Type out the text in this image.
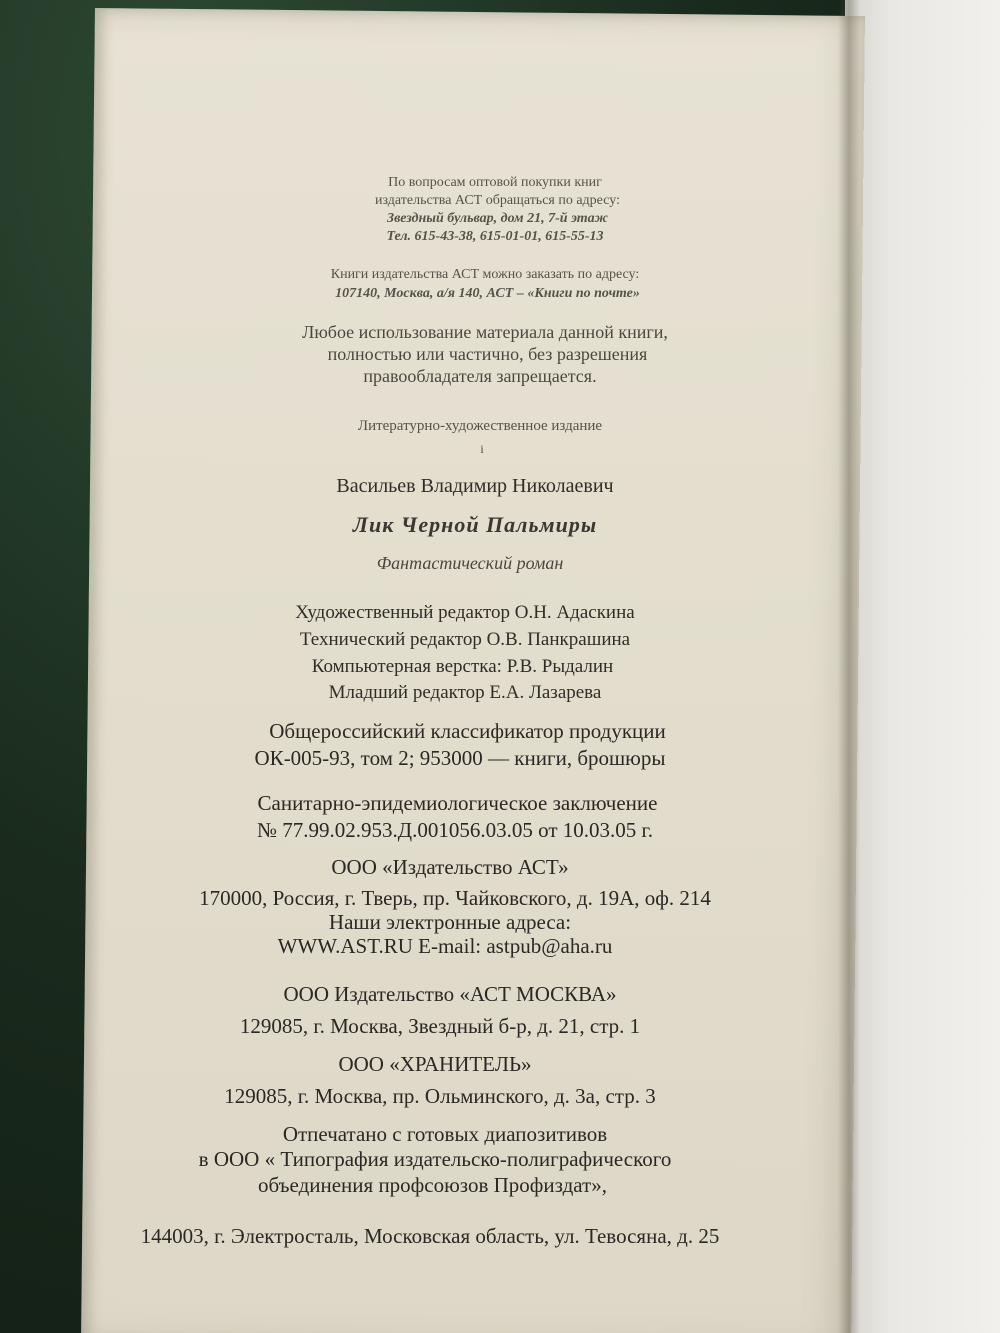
По вопросам оптовой покупки книг
издательства АСТ обращаться по адресу:
Звездный бульвар, дом 21, 7-й этаж
Тел. 615-43-38, 615-01-01, 615-55-13
Книги издательства АСТ можно заказать по адресу:
107140, Москва, а/я 140, АСТ – «Книги по почте»
Любое использование материала данной книги,
полностью или частично, без разрешения
правообладателя запрещается.
Литературно-художественное издание
і
Васильев Владимир Николаевич
Лик Черной Пальмиры
Фантастический роман
Художественный редактор О.Н. Адаскина
Технический редактор О.В. Панкрашина
Компьютерная верстка: Р.В. Рыдалин
Младший редактор Е.А. Лазарева
Общероссийский классификатор продукции
ОК-005-93, том 2; 953000 — книги, брошюры
Санитарно-эпидемиологическое заключение
№ 77.99.02.953.Д.001056.03.05 от 10.03.05 г.
ООО «Издательство АСТ»
170000, Россия, г. Тверь, пр. Чайковского, д. 19А, оф. 214
Наши электронные адреса:
WWW.AST.RU E-mail: astpub@aha.ru
ООО Издательство «АСТ МОСКВА»
129085, г. Москва, Звездный б-р, д. 21, стр. 1
ООО «ХРАНИТЕЛЬ»
129085, г. Москва, пр. Ольминского, д. 3а, стр. 3
Отпечатано с готовых диапозитивов
в ООО « Типография издательско-полиграфического
объединения профсоюзов Профиздат»,
144003, г. Электросталь, Московская область, ул. Тевосяна, д. 25
